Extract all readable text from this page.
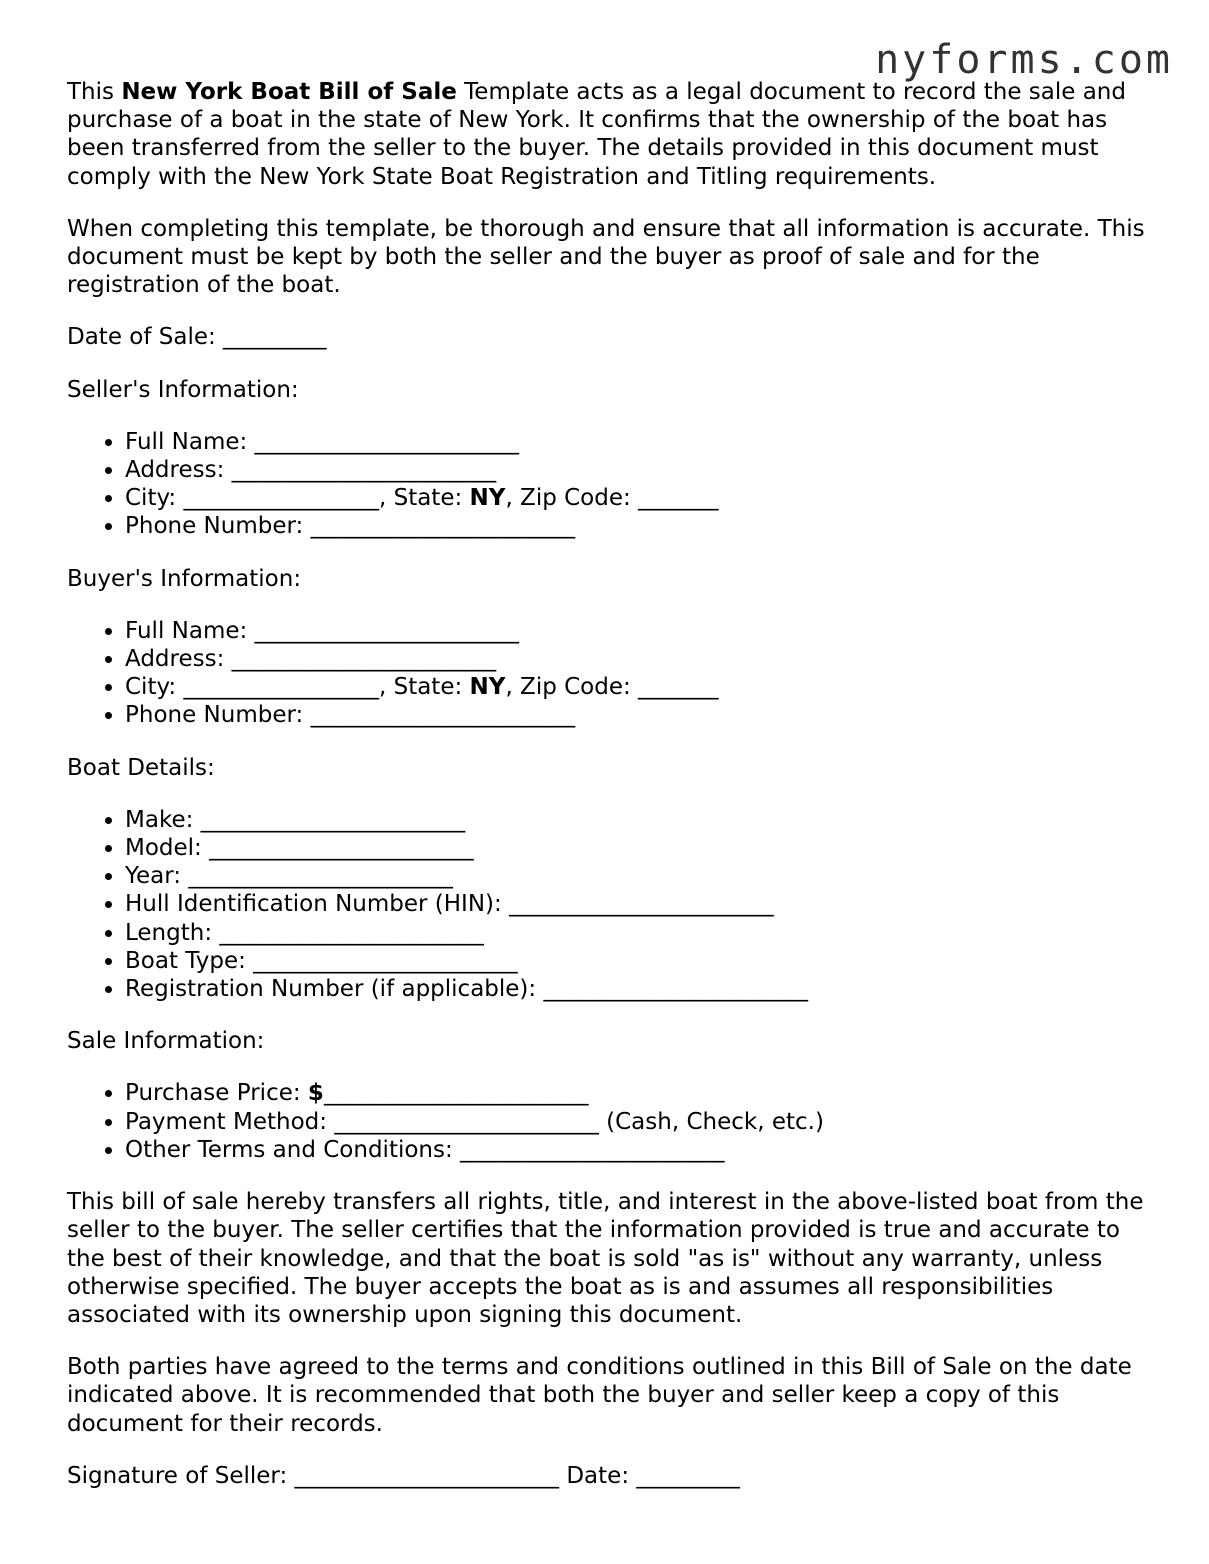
nyforms.com

This New York Boat Bill of Sale Template acts as a legal document to record the sale and purchase of a boat in the state of New York. It confirms that the ownership of the boat has been transferred from the seller to the buyer. The details provided in this document must comply with the New York State Boat Registration and Titling requirements.

When completing this template, be thorough and ensure that all information is accurate. This document must be kept by both the seller and the buyer as proof of sale and for the registration of the boat.

Date of Sale: _________

Seller's Information:

• Full Name: _______________________
• Address: _______________________
• City: _________________, State: NY, Zip Code: _______
• Phone Number: _______________________

Buyer's Information:

• Full Name: _______________________
• Address: _______________________
• City: _________________, State: NY, Zip Code: _______
• Phone Number: _______________________

Boat Details:

• Make: _______________________
• Model: _______________________
• Year: _______________________
• Hull Identification Number (HIN): _______________________
• Length: _______________________
• Boat Type: _______________________
• Registration Number (if applicable): _______________________

Sale Information:

• Purchase Price: $_______________________
• Payment Method: _______________________ (Cash, Check, etc.)
• Other Terms and Conditions: _______________________

This bill of sale hereby transfers all rights, title, and interest in the above-listed boat from the seller to the buyer. The seller certifies that the information provided is true and accurate to the best of their knowledge, and that the boat is sold "as is" without any warranty, unless otherwise specified. The buyer accepts the boat as is and assumes all responsibilities associated with its ownership upon signing this document.

Both parties have agreed to the terms and conditions outlined in this Bill of Sale on the date indicated above. It is recommended that both the buyer and seller keep a copy of this document for their records.

Signature of Seller: _______________________ Date: _________
